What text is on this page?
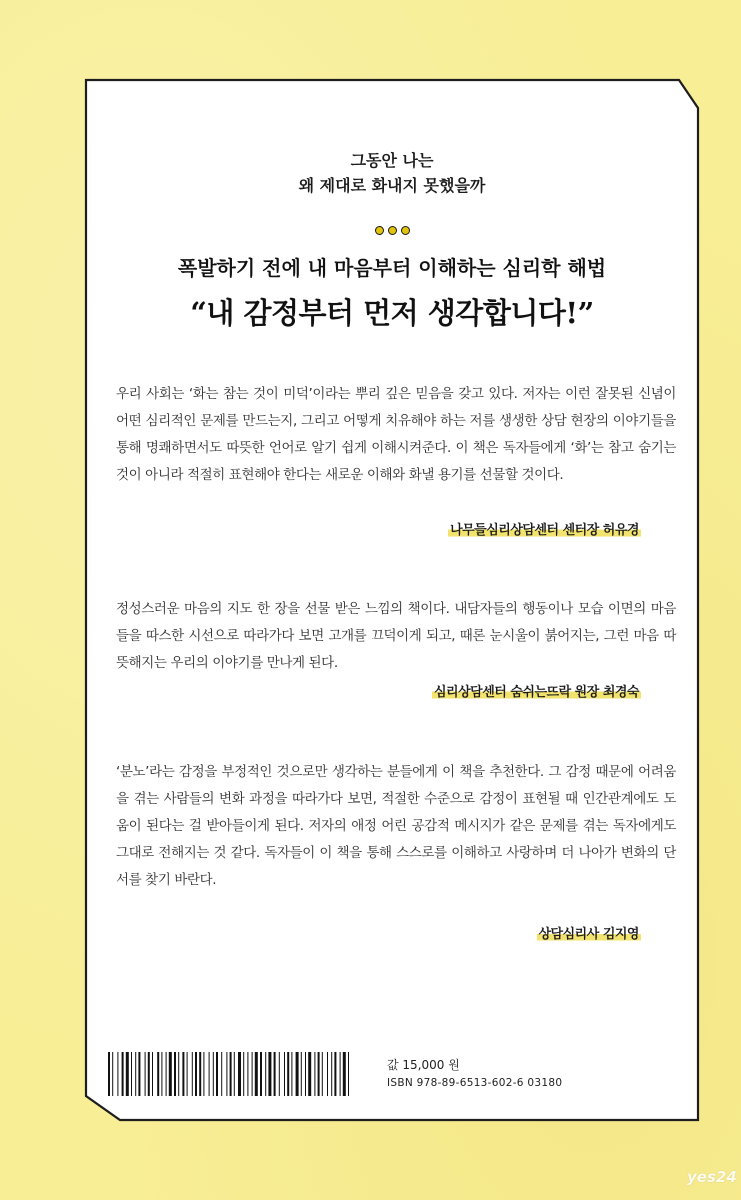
그동안 나는
왜 제대로 화내지 못했을까
폭발하기 전에 내 마음부터 이해하는 심리학 해법
“내 감정부터 먼저 생각합니다!”

우리 사회는 ‘화는 참는 것이 미덕’이라는 뿌리 깊은 믿음을 갖고 있다. 저자는 이런 잘못된 신념이 어떤 심리적인 문제를 만드는지, 그리고 어떻게 치유해야 하는 저를 생생한 상담 현장의 이야기들을 통해 명쾌하면서도 따뜻한 언어로 알기 쉽게 이해시켜준다. 이 책은 독자들에게 ‘화’는 참고 숨기는 것이 아니라 적절히 표현해야 한다는 새로운 이해와 화낼 용기를 선물할 것이다.

나무들심리상담센터 센터장 허유경

정성스러운 마음의 지도 한 장을 선물 받은 느낌의 책이다. 내담자들의 행동이나 모습 이면의 마음들을 따스한 시선으로 따라가다 보면 고개를 끄덕이게 되고, 때론 눈시울이 붉어지는, 그런 마음 따뜻해지는 우리의 이야기를 만나게 된다.

심리상담센터 숨쉬는뜨락 원장 최경숙

‘분노’라는 감정을 부정적인 것으로만 생각하는 분들에게 이 책을 추천한다. 그 감정 때문에 어려움을 겪는 사람들의 변화 과정을 따라가다 보면, 적절한 수준으로 감정이 표현될 때 인간관계에도 도움이 된다는 걸 받아들이게 된다. 저자의 애정 어린 공감적 메시지가 같은 문제를 겪는 독자에게도 그대로 전해지는 것 같다. 독자들이 이 책을 통해 스스로를 이해하고 사랑하며 더 나아가 변화의 단서를 찾기 바란다.

상담심리사 김지영
값 15,000 원
ISBN 978-89-6513-602-6 03180
yes24
